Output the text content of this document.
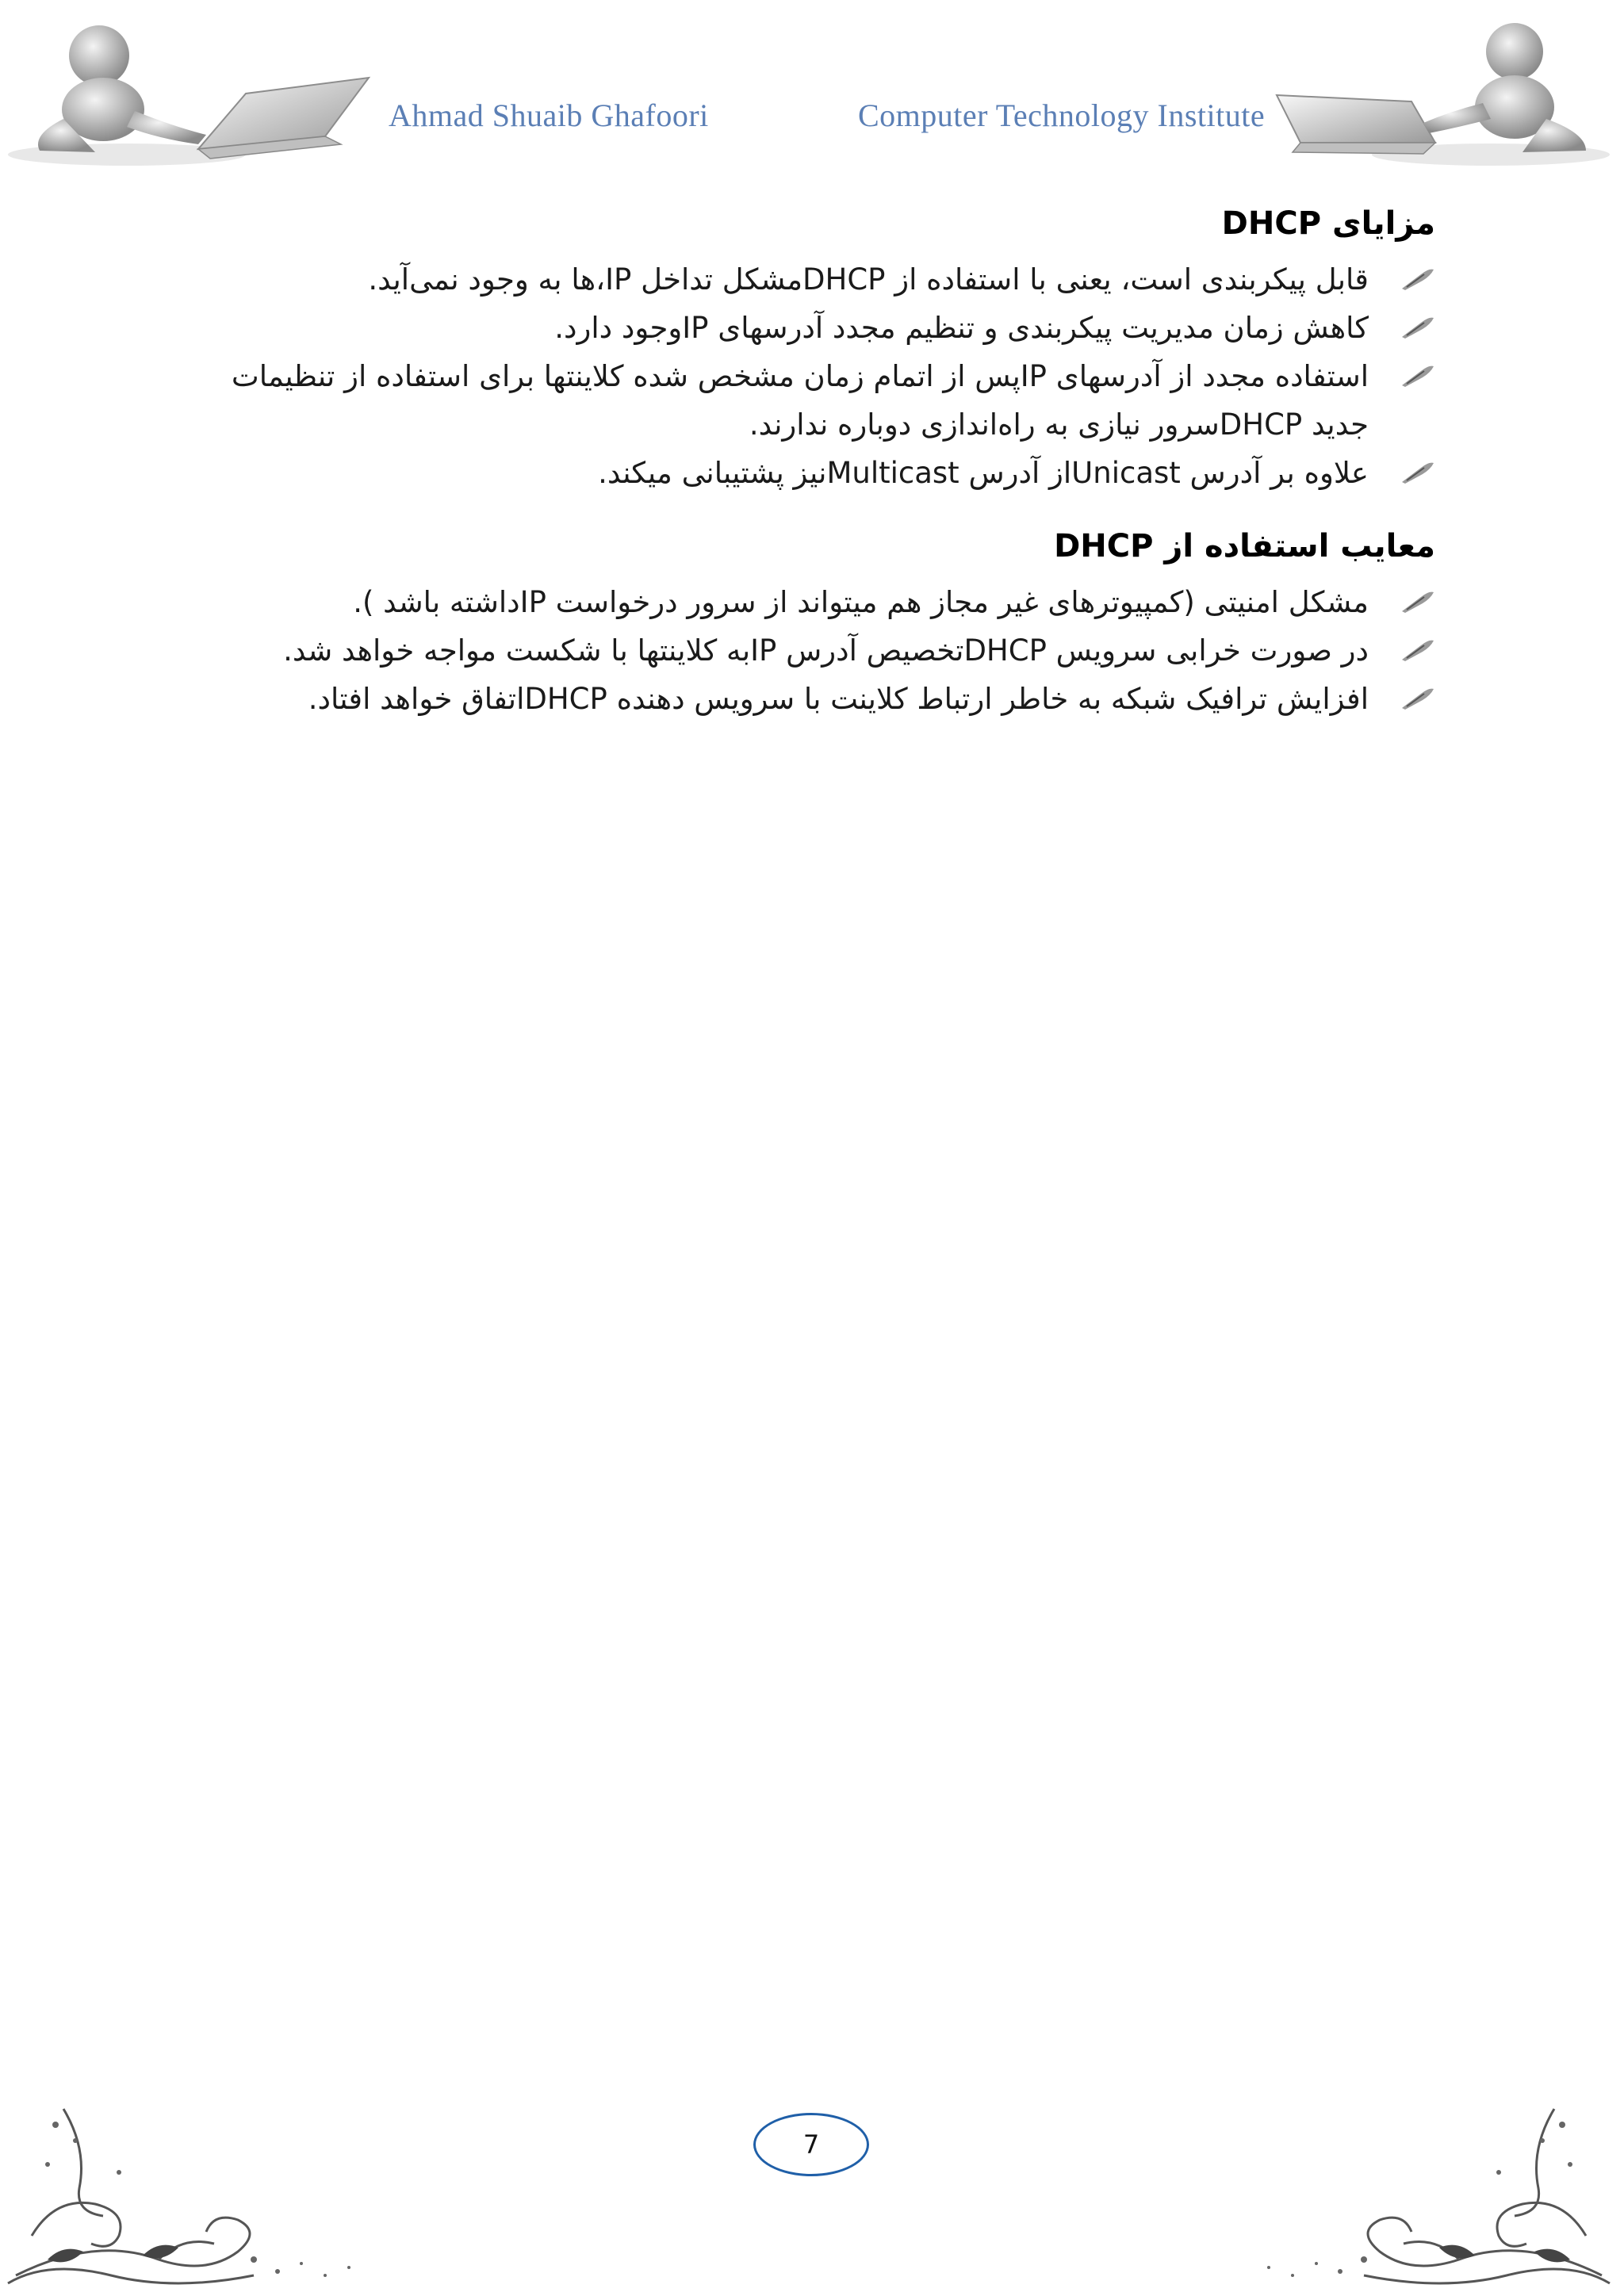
Ahmad Shuaib Ghafoori	Computer Technology Institute
مزایای DHCP
قابل پیکربندی است، یعنی با استفاده از DHCPمشکل تداخل IP،ها به وجود نمی‌آید.
کاهش زمان مدیریت پیکربندی و تنظیم مجدد آدرسهای IPوجود دارد.
استفاده مجدد از آدرسهای IPپس از اتمام زمان مشخص شده کلاینتها برای استفاده از تنظیمات جدید DHCPسرور نیازی به راه‌اندازی دوباره ندارند.
علاوه بر آدرس Unicastاز آدرس Multicastنیز پشتیبانی میکند.
معایب استفاده از DHCP
مشکل امنیتی (کمپیوترهای غیر مجاز هم میتواند از سرور درخواست IPداشته باشد ).
در صورت خرابی سرویس DHCPتخصیص آدرس IPبه کلاینتها با شکست مواجه خواهد شد.
افزایش ترافیک شبکه به خاطر ارتباط کلاینت با سرویس دهنده DHCPاتفاق خواهد افتاد.
7
